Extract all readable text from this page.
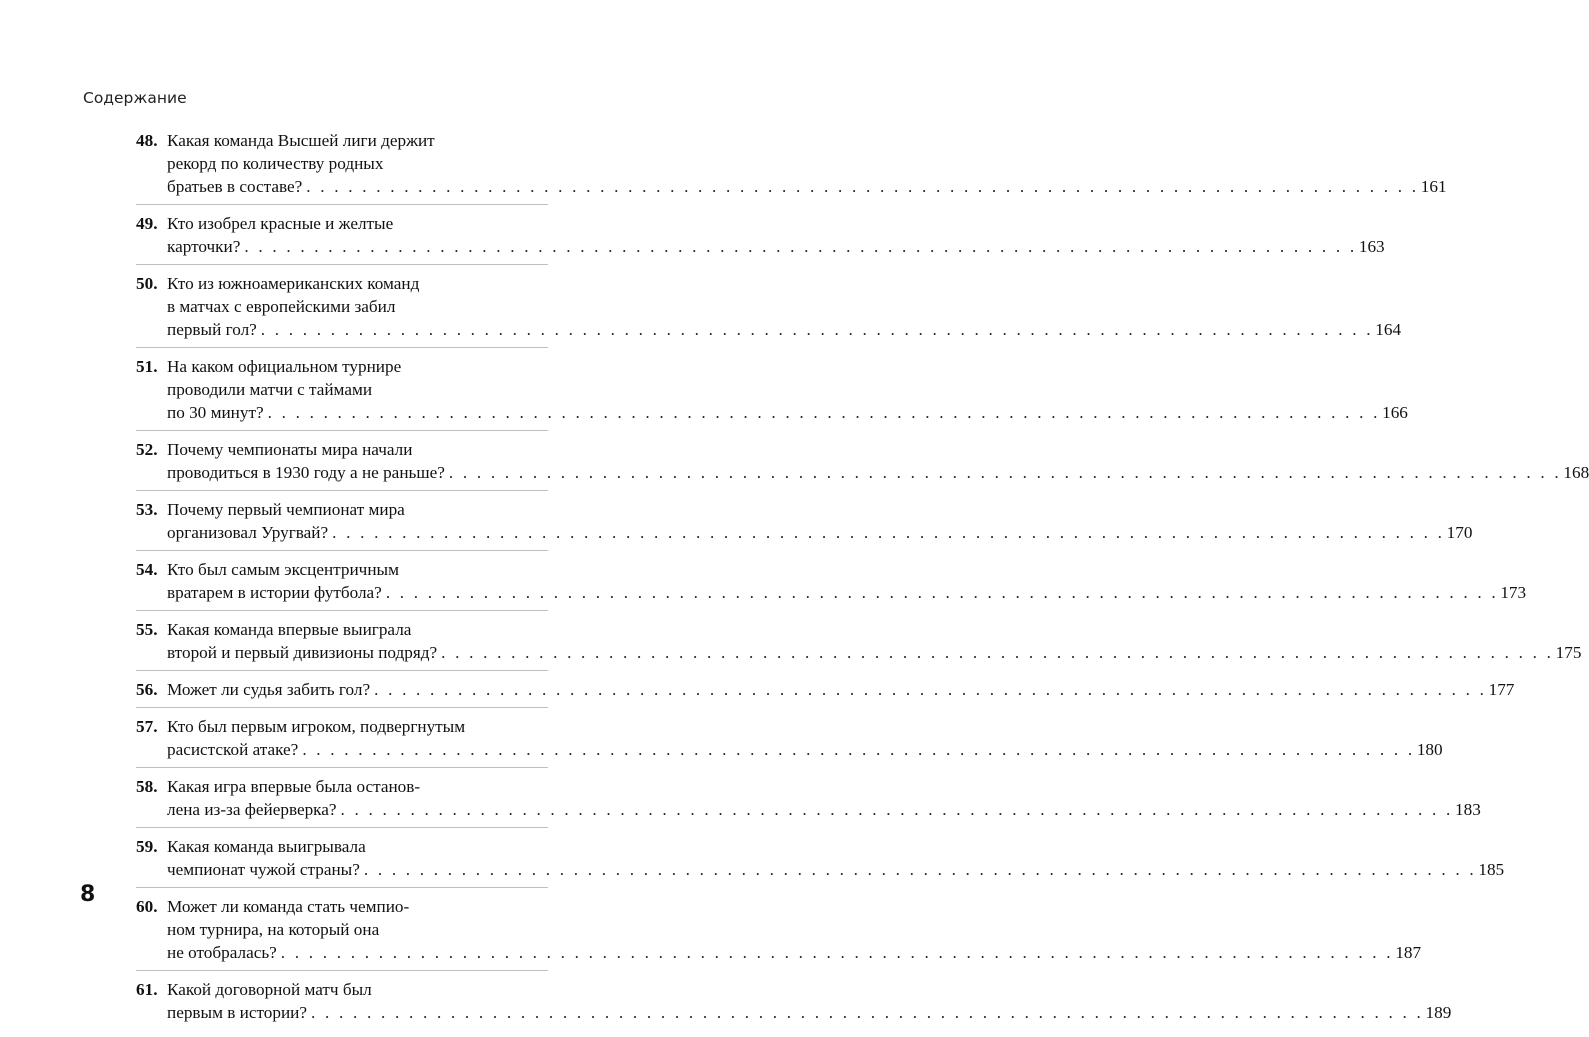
Содержание
48. Какая команда Высшей лиги держит
рекорд по количеству родных
братьев в составе? . . . . . . . . . . . . . . . . . . . . . . . . . . . . . . . . . . . . . . . . . . . . . . . . . . . . . . . . . . . . . . . . . . . . . . . . . . . . . . . . 161
49. Кто изобрел красные и желтые
карточки? . . . . . . . . . . . . . . . . . . . . . . . . . . . . . . . . . . . . . . . . . . . . . . . . . . . . . . . . . . . . . . . . . . . . . . . . . . . . . . . . 163
50. Кто из южноамериканских команд
в матчах с европейскими забил
первый гол? . . . . . . . . . . . . . . . . . . . . . . . . . . . . . . . . . . . . . . . . . . . . . . . . . . . . . . . . . . . . . . . . . . . . . . . . . . . . . . . . 164
51. На каком официальном турнире
проводили матчи с таймами
по 30 минут? . . . . . . . . . . . . . . . . . . . . . . . . . . . . . . . . . . . . . . . . . . . . . . . . . . . . . . . . . . . . . . . . . . . . . . . . . . . . . . . . 166
52. Почему чемпионаты мира начали
проводиться в 1930 году а не раньше? . . . . . . . . . . . . . . . . . . . . . . . . . . . . . . . . . . . . . . . . . . . . . . . . . . . . . . . . . . . . . . . . . . . . . . . . . . . . . . . . 168
53. Почему первый чемпионат мира
организовал Уругвай? . . . . . . . . . . . . . . . . . . . . . . . . . . . . . . . . . . . . . . . . . . . . . . . . . . . . . . . . . . . . . . . . . . . . . . . . . . . . . . . . 170
54. Кто был самым эксцентричным
вратарем в истории футбола? . . . . . . . . . . . . . . . . . . . . . . . . . . . . . . . . . . . . . . . . . . . . . . . . . . . . . . . . . . . . . . . . . . . . . . . . . . . . . . . . 173
55. Какая команда впервые выиграла
второй и первый дивизионы подряд? . . . . . . . . . . . . . . . . . . . . . . . . . . . . . . . . . . . . . . . . . . . . . . . . . . . . . . . . . . . . . . . . . . . . . . . . . . . . . . . . 175
56. Может ли судья забить гол? . . . . . . . . . . . . . . . . . . . . . . . . . . . . . . . . . . . . . . . . . . . . . . . . . . . . . . . . . . . . . . . . . . . . . . . . . . . . . . . . 177
57. Кто был первым игроком, подвергнутым
расистской атаке? . . . . . . . . . . . . . . . . . . . . . . . . . . . . . . . . . . . . . . . . . . . . . . . . . . . . . . . . . . . . . . . . . . . . . . . . . . . . . . . . 180
58. Какая игра впервые была останов-
лена из-за фейерверка? . . . . . . . . . . . . . . . . . . . . . . . . . . . . . . . . . . . . . . . . . . . . . . . . . . . . . . . . . . . . . . . . . . . . . . . . . . . . . . . . 183
59. Какая команда выигрывала
чемпионат чужой страны? . . . . . . . . . . . . . . . . . . . . . . . . . . . . . . . . . . . . . . . . . . . . . . . . . . . . . . . . . . . . . . . . . . . . . . . . . . . . . . . . 185
60. Может ли команда стать чемпио-
ном турнира, на который она
не отобралась? . . . . . . . . . . . . . . . . . . . . . . . . . . . . . . . . . . . . . . . . . . . . . . . . . . . . . . . . . . . . . . . . . . . . . . . . . . . . . . . . 187
61. Какой договорной матч был
первым в истории? . . . . . . . . . . . . . . . . . . . . . . . . . . . . . . . . . . . . . . . . . . . . . . . . . . . . . . . . . . . . . . . . . . . . . . . . . . . . . . . . 189
8
